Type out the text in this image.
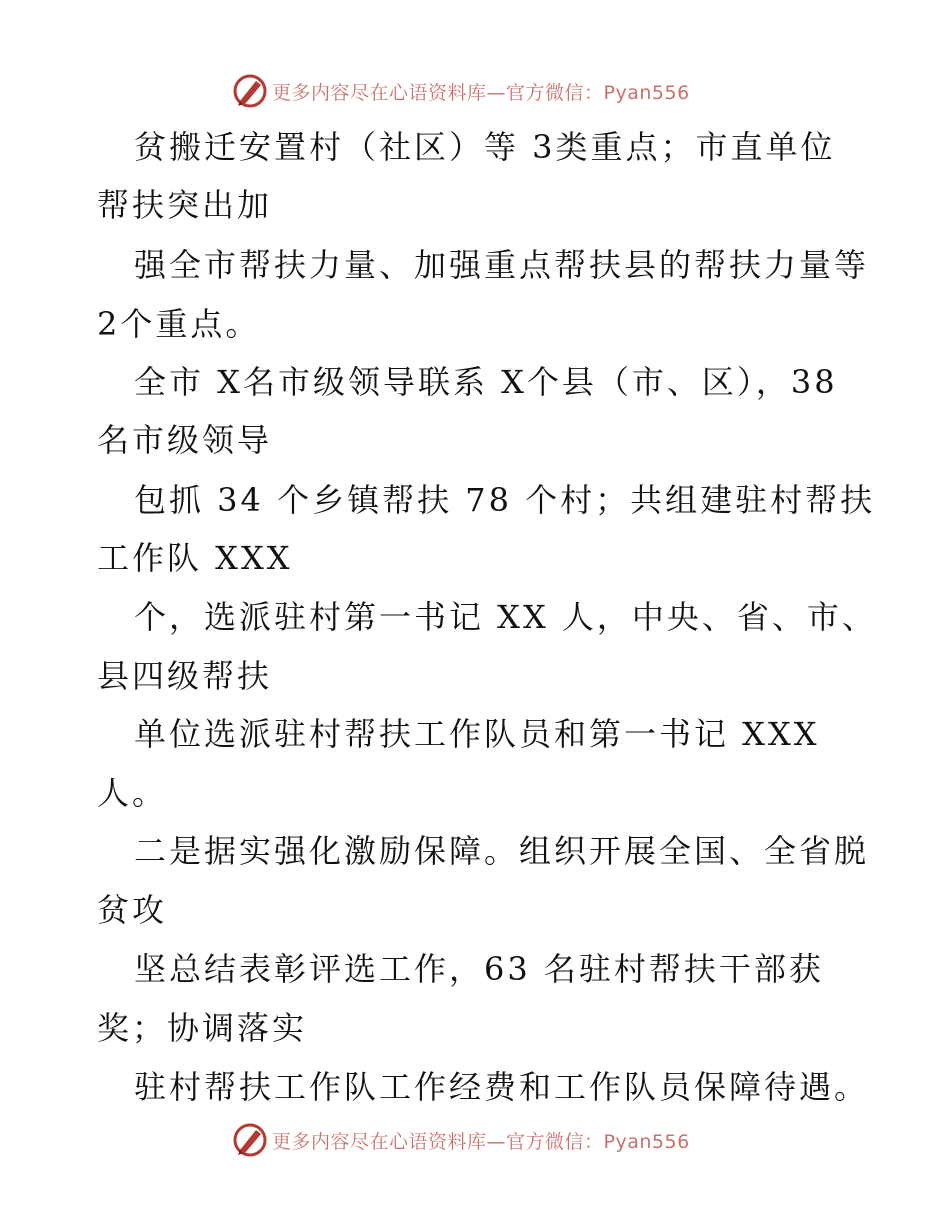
更多内容尽在心语资料库—官方微信：Pyan556
贫搬迁安置村（社区）等 3类重点；市直单位
帮扶突出加
强全市帮扶力量、加强重点帮扶县的帮扶力量等
2个重点。
全市 X名市级领导联系 X个县（市、区），38
名市级领导
包抓 34 个乡镇帮扶 78 个村；共组建驻村帮扶
工作队 XXX
个，选派驻村第一书记 XX 人，中央、省、市、
县四级帮扶
单位选派驻村帮扶工作队员和第一书记 XXX
人。
二是据实强化激励保障。组织开展全国、全省脱
贫攻
坚总结表彰评选工作，63 名驻村帮扶干部获
奖；协调落实
驻村帮扶工作队工作经费和工作队员保障待遇。
更多内容尽在心语资料库—官方微信：Pyan556
